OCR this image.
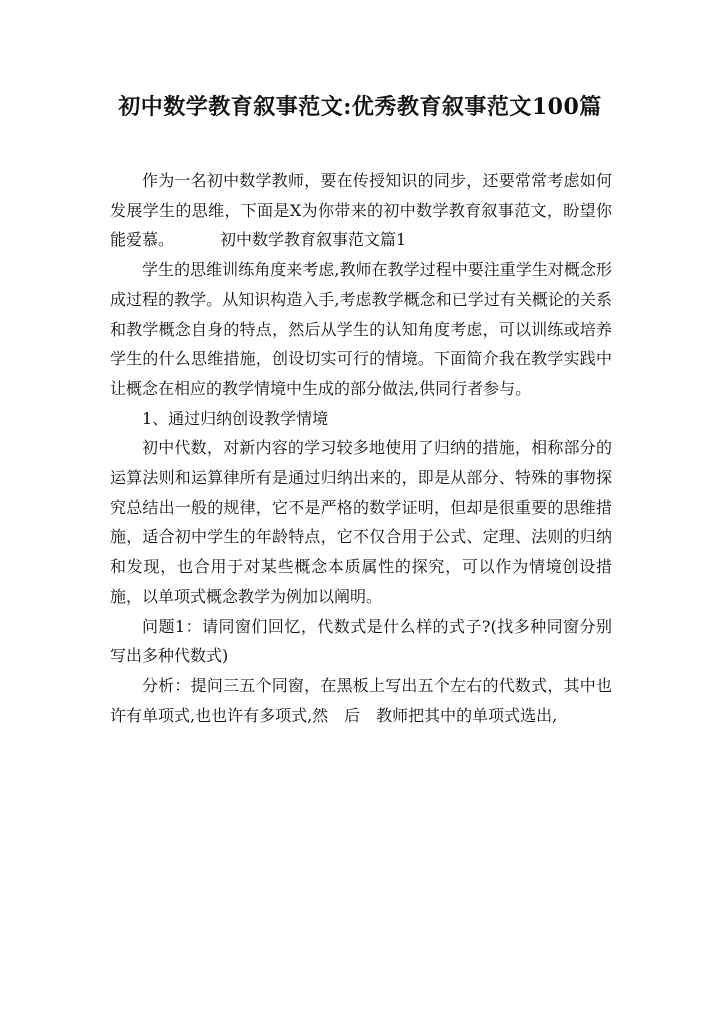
初中数学教育叙事范文:优秀教育叙事范文100篇

作为一名初中数学教师，要在传授知识的同步，还要常常考虑如何发展学生的思维，下面是X为你带来的初中数学教育叙事范文，盼望你能爱慕。	初中数学教育叙事范文篇1

学生的思维训练角度来考虑,教师在教学过程中要注重学生对概念形成过程的教学。从知识构造入手,考虑教学概念和已学过有关概论的关系和教学概念自身的特点，然后从学生的认知角度考虑，可以训练或培养学生的什么思维措施，创设切实可行的情境。下面简介我在教学实践中让概念在相应的教学情境中生成的部分做法,供同行者参与。

1、通过归纳创设教学情境

初中代数，对新内容的学习较多地使用了归纳的措施，相称部分的运算法则和运算律所有是通过归纳出来的，即是从部分、特殊的事物探究总结出一般的规律，它不是严格的数学证明，但却是很重要的思维措施，适合初中学生的年龄特点，它不仅合用于公式、定理、法则的归纳和发现，也合用于对某些概念本质属性的探究，可以作为情境创设措施，以单项式概念教学为例加以阐明。

问题1：请同窗们回忆，代数式是什么样的式子?(找多种同窗分别写出多种代数式)

分析：提问三五个同窗，在黑板上写出五个左右的代数式，其中也许有单项式,也也许有多项式,然　后　教师把其中的单项式选出,
